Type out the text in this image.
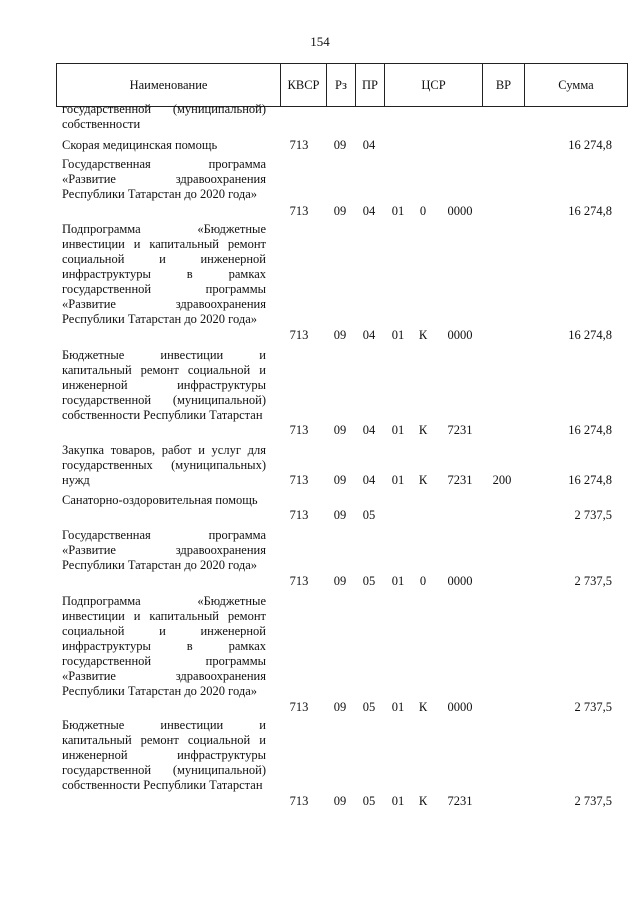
154
Наименование	КВСР	Рз	ПР	ЦСР	ВР	Сумма
государственной (муниципальной) собственности
Скорая медицинская помощь	713	09	04	16 274,8
Государственная программа «Развитие здравоохранения Республики Татарстан до 2020 года»
713	09	04	01	0	0000	16 274,8
Подпрограмма «Бюджетные инвестиции и капитальный ремонт социальной и инженерной инфраструктуры в рамках государственной программы «Развитие здравоохранения Республики Татарстан до 2020 года»
713	09	04	01	К	0000	16 274,8
Бюджетные инвестиции и капитальный ремонт социальной и инженерной инфраструктуры государственной (муниципальной) собственности Республики Татарстан
713	09	04	01	К	7231	16 274,8
Закупка товаров, работ и услуг для государственных (муниципальных) нужд	713	09	04	01	К	7231	200	16 274,8
Санаторно-оздоровительная помощь
713	09	05	2 737,5
Государственная программа «Развитие здравоохранения Республики Татарстан до 2020 года»
713	09	05	01	0	0000	2 737,5
Подпрограмма «Бюджетные инвестиции и капитальный ремонт социальной и инженерной инфраструктуры в рамках государственной программы «Развитие здравоохранения Республики Татарстан до 2020 года»
713	09	05	01	К	0000	2 737,5
Бюджетные инвестиции и капитальный ремонт социальной и инженерной инфраструктуры государственной (муниципальной) собственности Республики Татарстан
713	09	05	01	К	7231	2 737,5
